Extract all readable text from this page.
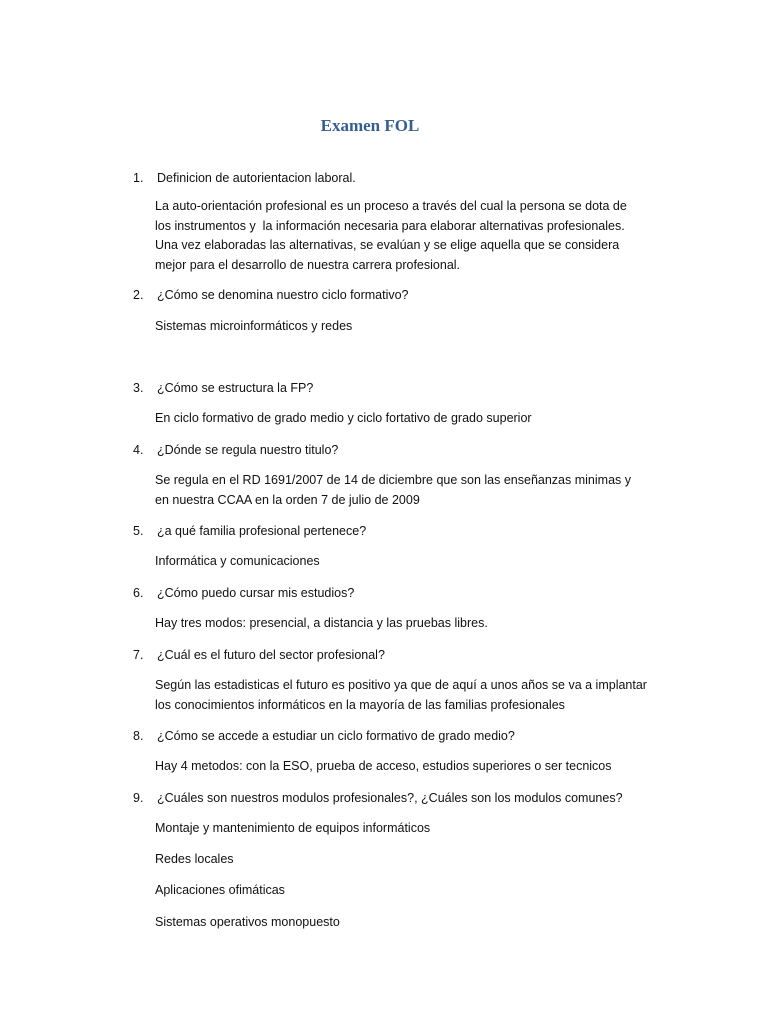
Examen FOL
1.	Definicion de autorientacion laboral.
La auto-orientación profesional es un proceso a través del cual la persona se dota de
los instrumentos y  la información necesaria para elaborar alternativas profesionales.
Una vez elaboradas las alternativas, se evalúan y se elige aquella que se considera
mejor para el desarrollo de nuestra carrera profesional.
2.	¿Cómo se denomina nuestro ciclo formativo?
Sistemas microinformáticos y redes
3.	¿Cómo se estructura la FP?
En ciclo formativo de grado medio y ciclo fortativo de grado superior
4.	¿Dónde se regula nuestro titulo?
Se regula en el RD 1691/2007 de 14 de diciembre que son las enseñanzas minimas y
en nuestra CCAA en la orden 7 de julio de 2009
5.	¿a qué familia profesional pertenece?
Informática y comunicaciones
6.	¿Cómo puedo cursar mis estudios?
Hay tres modos: presencial, a distancia y las pruebas libres.
7.	¿Cuál es el futuro del sector profesional?
Según las estadisticas el futuro es positivo ya que de aquí a unos años se va a implantar
los conocimientos informáticos en la mayoría de las familias profesionales
8.	¿Cómo se accede a estudiar un ciclo formativo de grado medio?
Hay 4 metodos: con la ESO, prueba de acceso, estudios superiores o ser tecnicos
9.	¿Cuáles son nuestros modulos profesionales?, ¿Cuáles son los modulos comunes?
Montaje y mantenimiento de equipos informáticos
Redes locales
Aplicaciones ofimáticas
Sistemas operativos monopuesto
